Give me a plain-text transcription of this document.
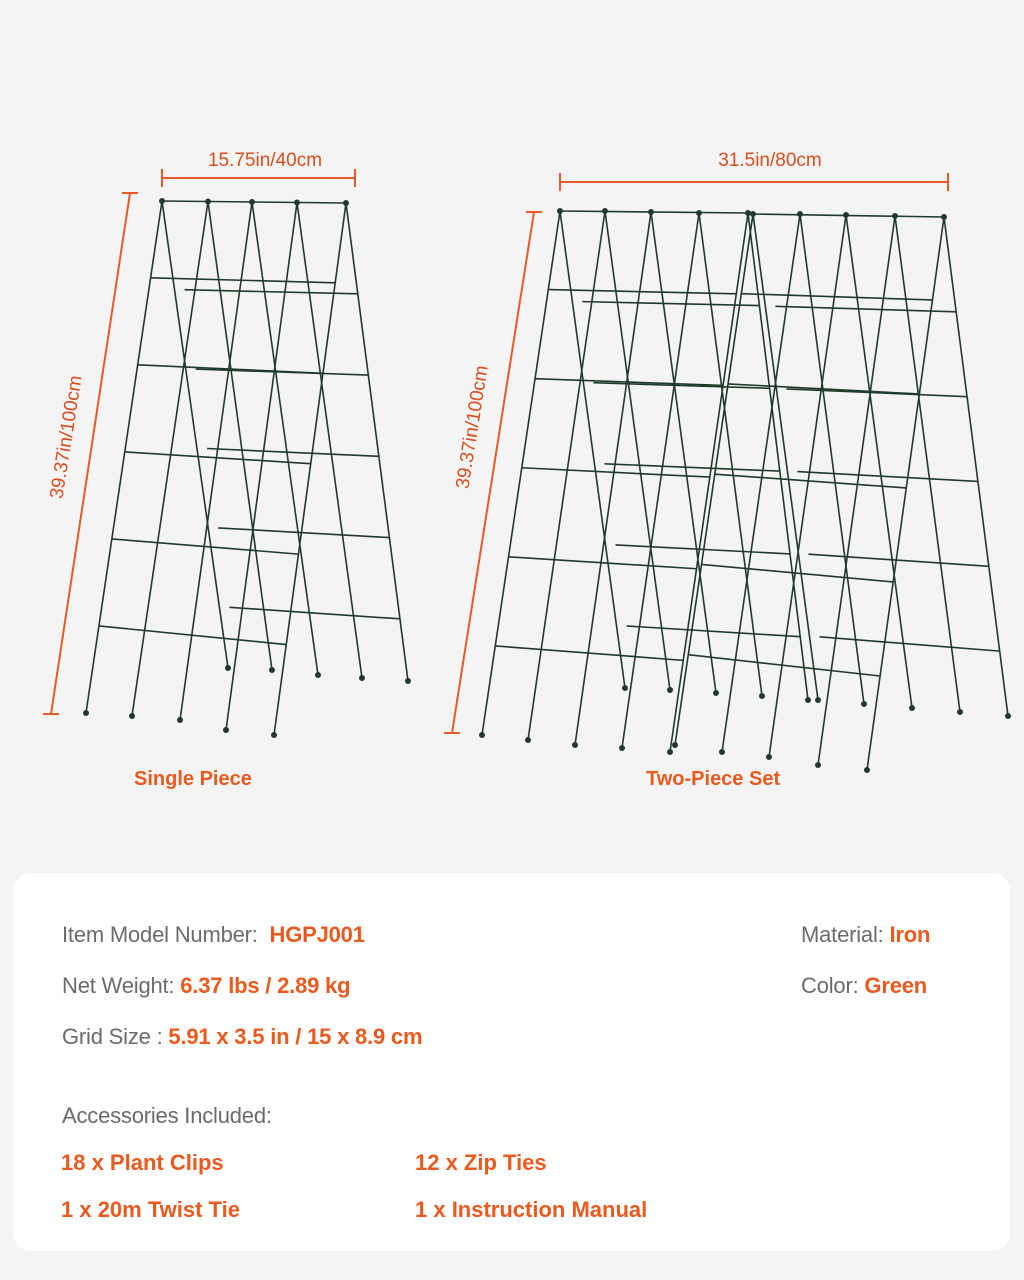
15.75in/40cm	31.5in/80cm
39.37in/100cm	39.37in/100cm
Single Piece	Two-Piece Set
Item Model Number: HGPJ001
Net Weight: 6.37 lbs / 2.89 kg
Grid Size : 5.91 x 3.5 in / 15 x 8.9 cm
Material: Iron
Color: Green
Accessories Included:
18 x Plant Clips	12 x Zip Ties
1 x 20m Twist Tie	1 x Instruction Manual
